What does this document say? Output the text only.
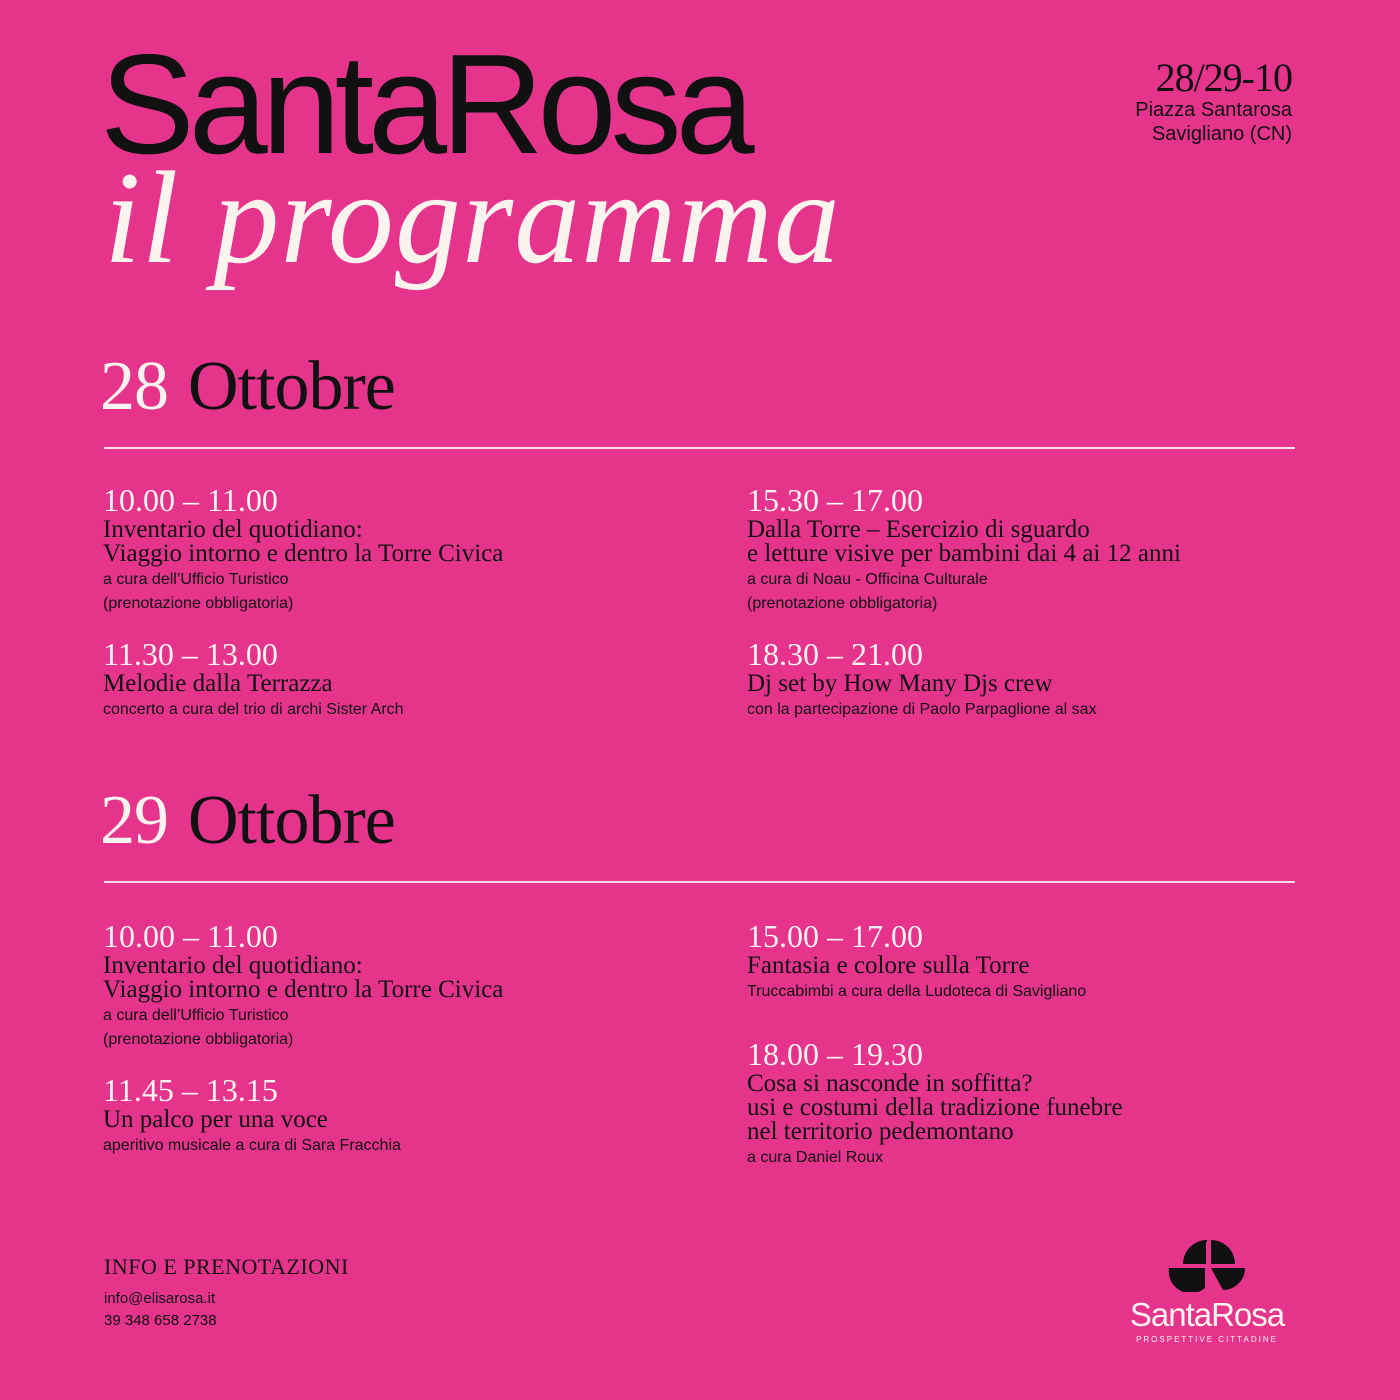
SantaRosa
il programma
28/29-10
Piazza Santarosa
Savigliano (CN)
28 Ottobre
10.00 – 11.00
Inventario del quotidiano:
Viaggio intorno e dentro la Torre Civica
a cura dell’Ufficio Turistico
(prenotazione obbligatoria)
15.30 – 17.00
Dalla Torre – Esercizio di sguardo
e letture visive per bambini dai 4 ai 12 anni
a cura di Noau - Officina Culturale
(prenotazione obbligatoria)
11.30 – 13.00
Melodie dalla Terrazza
concerto a cura del trio di archi Sister Arch
18.30 – 21.00
Dj set by How Many Djs crew
con la partecipazione di Paolo Parpaglione al sax
29 Ottobre
10.00 – 11.00
Inventario del quotidiano:
Viaggio intorno e dentro la Torre Civica
a cura dell’Ufficio Turistico
(prenotazione obbligatoria)
15.00 – 17.00
Fantasia e colore sulla Torre
Truccabimbi a cura della Ludoteca di Savigliano
11.45 – 13.15
Un palco per una voce
aperitivo musicale a cura di Sara Fracchia
18.00 – 19.30
Cosa si nasconde in soffitta?
usi e costumi della tradizione funebre
nel territorio pedemontano
a cura Daniel Roux
INFO E PRENOTAZIONI
info@elisarosa.it
39 348 658 2738	SantaRosa
PROSPETTIVE CITTADINE
